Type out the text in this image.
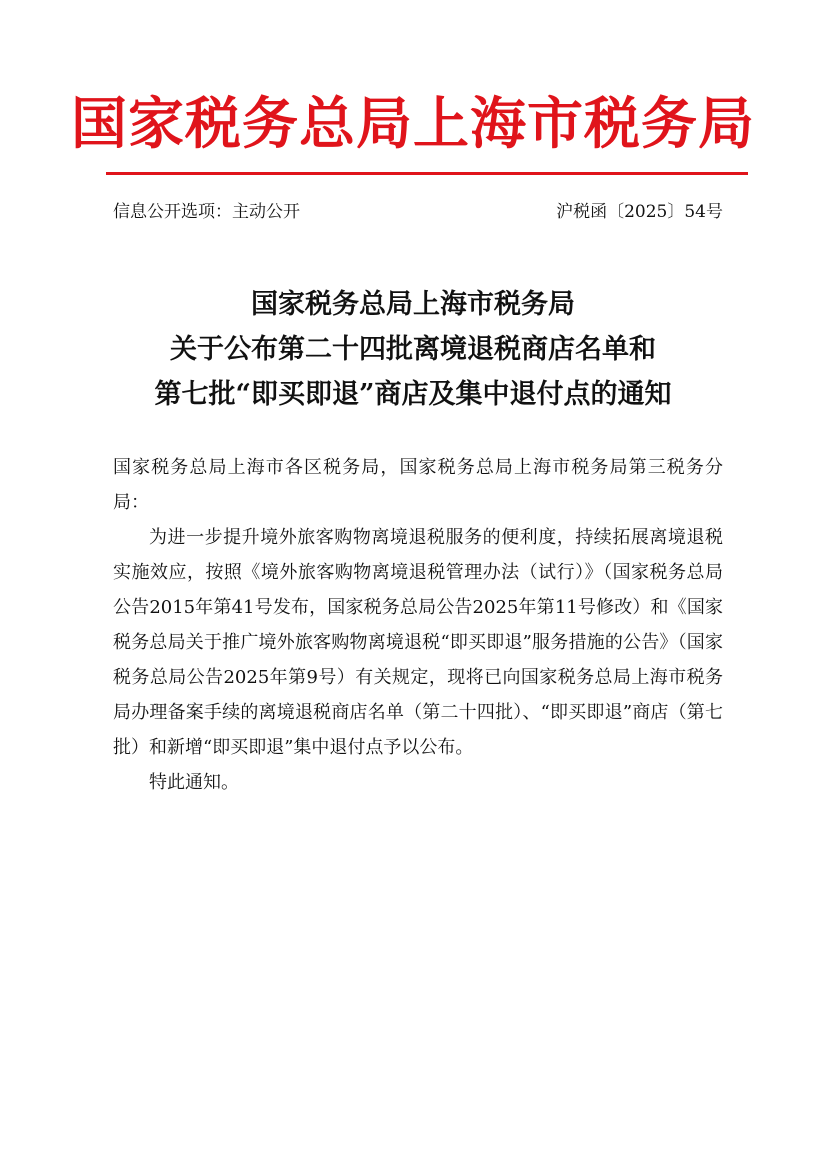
国家税务总局上海市税务局
信息公开选项：主动公开	沪税函〔2025〕54号
国家税务总局上海市税务局
关于公布第二十四批离境退税商店名单和
第七批“即买即退”商店及集中退付点的通知

国家税务总局上海市各区税务局，国家税务总局上海市税务局第三税务分局：

为进一步提升境外旅客购物离境退税服务的便利度，持续拓展离境退税实施效应，按照《境外旅客购物离境退税管理办法（试行）》（国家税务总局公告2015年第41号发布，国家税务总局公告2025年第11号修改）和《国家税务总局关于推广境外旅客购物离境退税“即买即退”服务措施的公告》（国家税务总局公告2025年第9号）有关规定，现将已向国家税务总局上海市税务局办理备案手续的离境退税商店名单（第二十四批）、“即买即退”商店（第七批）和新增“即买即退”集中退付点予以公布。

特此通知。
